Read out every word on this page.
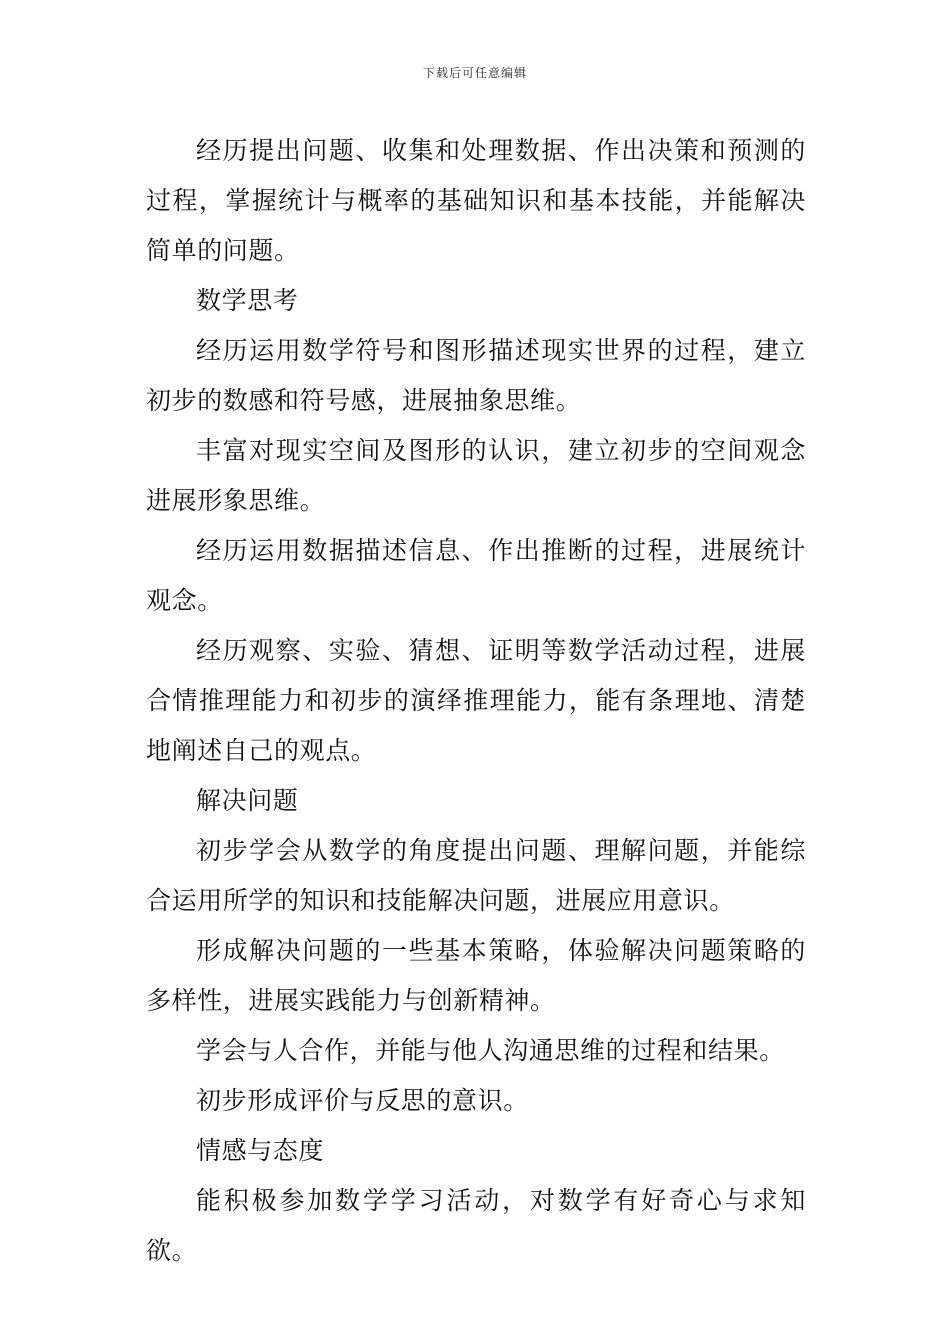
下载后可任意编辑

经历提出问题、收集和处理数据、作出决策和预测的过程，掌握统计与概率的基础知识和基本技能，并能解决简单的问题。

数学思考

经历运用数学符号和图形描述现实世界的过程，建立初步的数感和符号感，进展抽象思维。

丰富对现实空间及图形的认识，建立初步的空间观念进展形象思维。

经历运用数据描述信息、作出推断的过程，进展统计观念。

经历观察、实验、猜想、证明等数学活动过程，进展合情推理能力和初步的演绎推理能力，能有条理地、清楚地阐述自己的观点。

解决问题

初步学会从数学的角度提出问题、理解问题，并能综合运用所学的知识和技能解决问题，进展应用意识。

形成解决问题的一些基本策略，体验解决问题策略的多样性，进展实践能力与创新精神。

学会与人合作，并能与他人沟通思维的过程和结果。

初步形成评价与反思的意识。

情感与态度

能积极参加数学学习活动，对数学有好奇心与求知欲。
